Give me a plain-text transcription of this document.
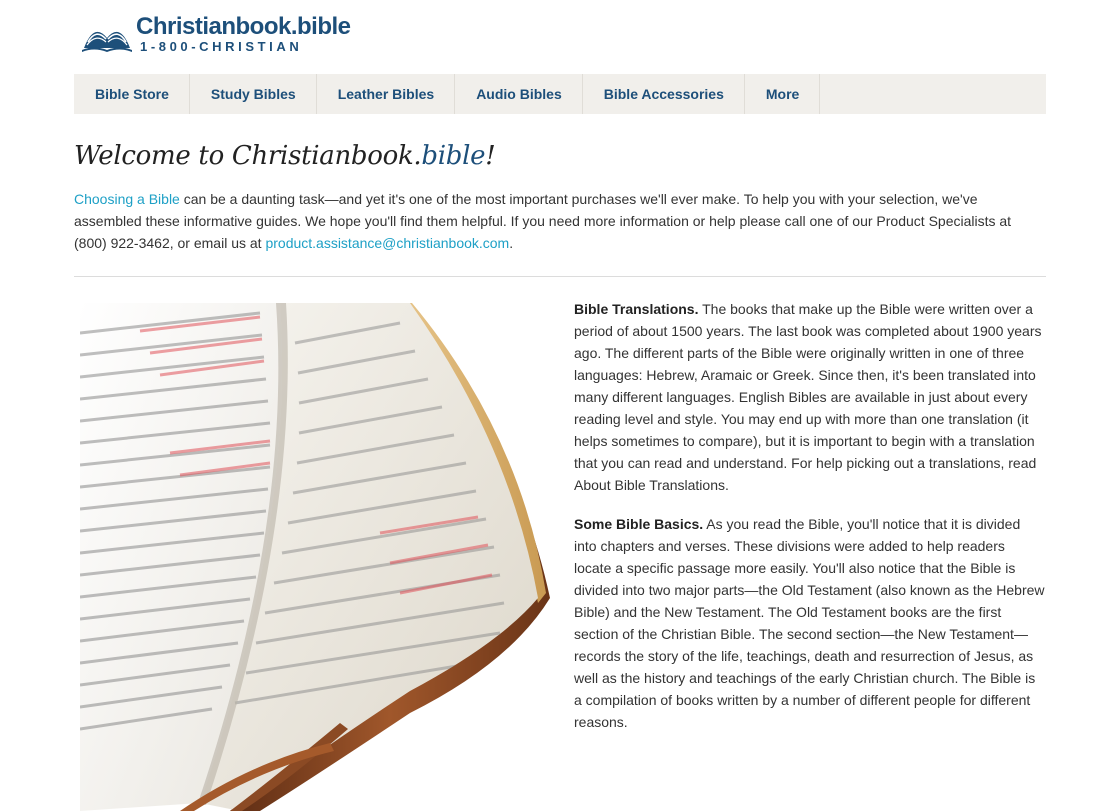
Christianbook.bible
1-800-CHRISTIAN
Bible Store	Study Bibles	Leather Bibles	Audio Bibles	Bible Accessories	More
Welcome to Christianbook.bible!

Choosing a Bible can be a daunting task—and yet it's one of the most important purchases we'll ever make. To help you with your selection, we've assembled these informative guides. We hope you'll find them helpful. If you need more information or help please call one of our Product Specialists at (800) 922-3462, or email us at product.assistance@christianbook.com.

Bible Translations. The books that make up the Bible were written over a period of about 1500 years. The last book was completed about 1900 years ago. The different parts of the Bible were originally written in one of three languages: Hebrew, Aramaic or Greek. Since then, it's been translated into many different languages. English Bibles are available in just about every reading level and style. You may end up with more than one translation (it helps sometimes to compare), but it is important to begin with a translation that you can read and understand. For help picking out a translations, read About Bible Translations.

Some Bible Basics. As you read the Bible, you'll notice that it is divided into chapters and verses. These divisions were added to help readers locate a specific passage more easily. You'll also notice that the Bible is divided into two major parts—the Old Testament (also known as the Hebrew Bible) and the New Testament. The Old Testament books are the first section of the Christian Bible. The second section—the New Testament—records the story of the life, teachings, death and resurrection of Jesus, as well as the history and teachings of the early Christian church. The Bible is a compilation of books written by a number of different people for different reasons.
